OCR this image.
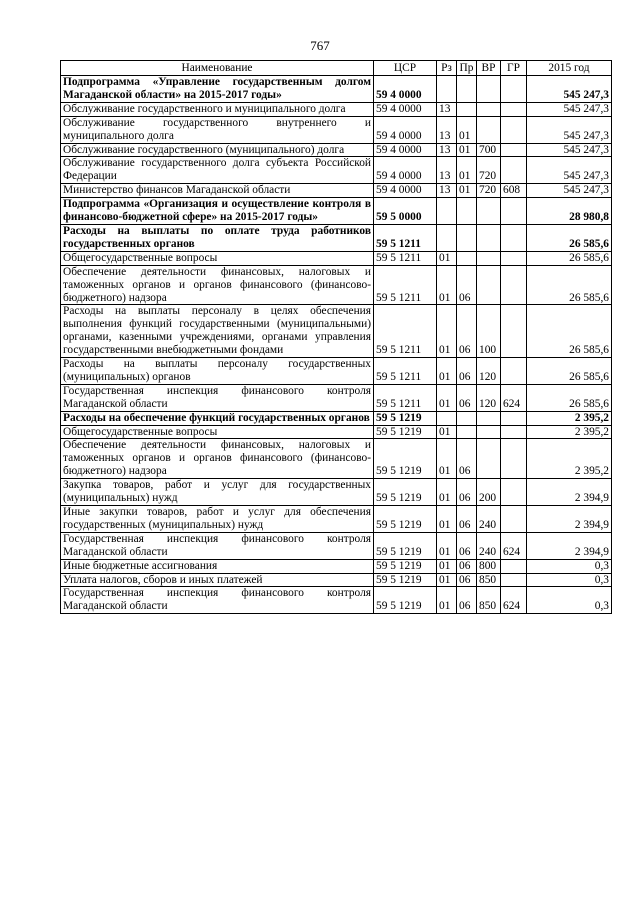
767
Наименование	ЦСР	Рз	Пр	ВР	ГР	2015 год
Подпрограмма «Управление государственным долгом Магаданской области» на 2015-2017 годы»	59 4 0000					545 247,3
Обслуживание государственного и муниципального долга	59 4 0000	13				545 247,3
Обслуживание государственного внутреннего и муниципального долга	59 4 0000	13	01			545 247,3
Обслуживание государственного (муниципального) долга	59 4 0000	13	01	700		545 247,3
Обслуживание государственного долга субъекта Российской Федерации	59 4 0000	13	01	720		545 247,3
Министерство финансов Магаданской области	59 4 0000	13	01	720	608	545 247,3
Подпрограмма «Организация и осуществление контроля в финансово-бюджетной сфере» на 2015-2017 годы»	59 5 0000					28 980,8
Расходы на выплаты по оплате труда работников государственных органов	59 5 1211					26 585,6
Общегосударственные вопросы	59 5 1211	01				26 585,6
Обеспечение деятельности финансовых, налоговых и таможенных органов и органов финансового (финансово-бюджетного) надзора	59 5 1211	01	06			26 585,6
Расходы на выплаты персоналу в целях обеспечения выполнения функций государственными (муниципальными) органами, казенными учреждениями, органами управления государственными внебюджетными фондами	59 5 1211	01	06	100		26 585,6
Расходы на выплаты персоналу государственных (муниципальных) органов	59 5 1211	01	06	120		26 585,6
Государственная инспекция финансового контроля Магаданской области	59 5 1211	01	06	120	624	26 585,6
Расходы на обеспечение функций государственных органов	59 5 1219					2 395,2
Общегосударственные вопросы	59 5 1219	01				2 395,2
Обеспечение деятельности финансовых, налоговых и таможенных органов и органов финансового (финансово-бюджетного) надзора	59 5 1219	01	06			2 395,2
Закупка товаров, работ и услуг для государственных (муниципальных) нужд	59 5 1219	01	06	200		2 394,9
Иные закупки товаров, работ и услуг для обеспечения государственных (муниципальных) нужд	59 5 1219	01	06	240		2 394,9
Государственная инспекция финансового контроля Магаданской области	59 5 1219	01	06	240	624	2 394,9
Иные бюджетные ассигнования	59 5 1219	01	06	800		0,3
Уплата налогов, сборов и иных платежей	59 5 1219	01	06	850		0,3
Государственная инспекция финансового контроля Магаданской области	59 5 1219	01	06	850	624	0,3
